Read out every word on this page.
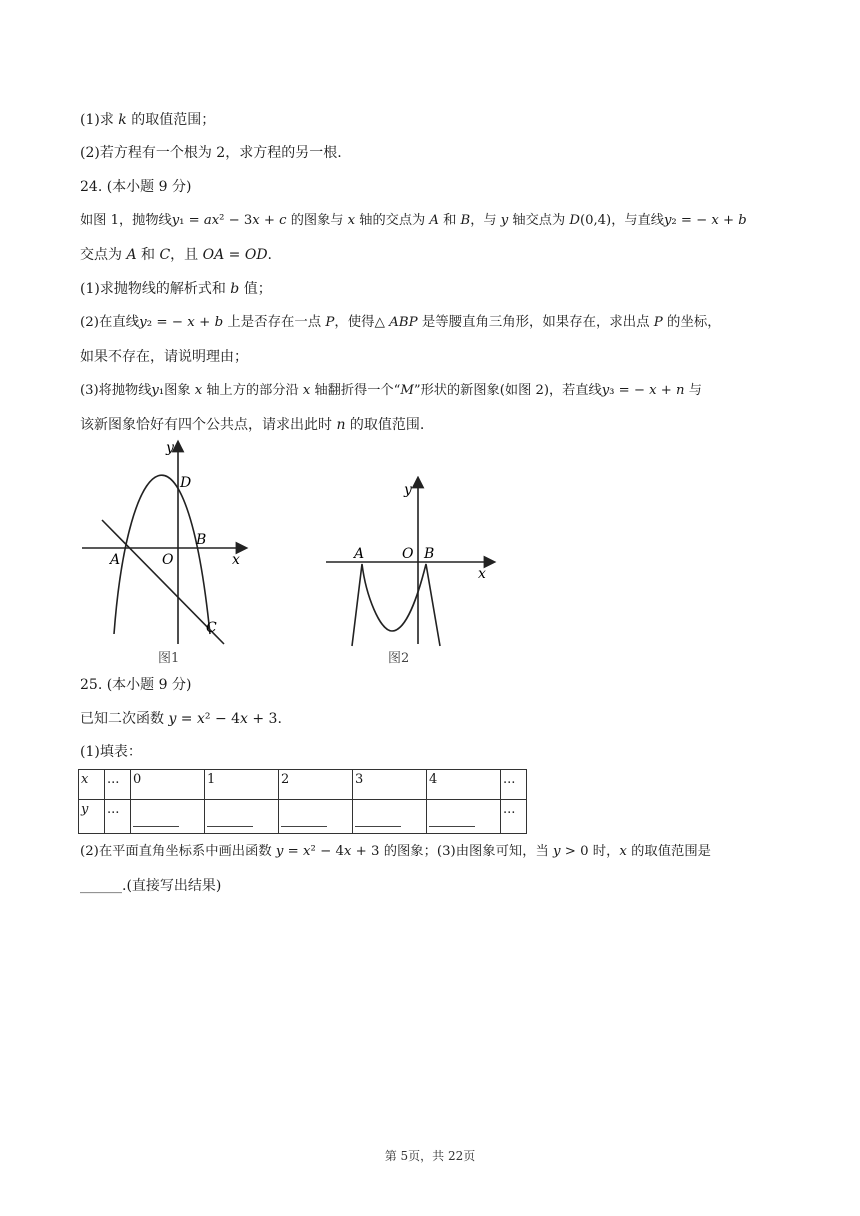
(1)求 𝑘 的取值范围；
(2)若方程有一个根为 2，求方程的另一根.
24. (本小题 9 分)
如图 1，抛物线𝑦₁ = 𝑎𝑥² − 3𝑥 + 𝑐 的图象与 𝑥 轴的交点为 𝐴 和 𝐵，与 𝑦 轴交点为 𝐷(0,4)，与直线𝑦₂ = − 𝑥 + 𝑏
交点为 𝐴 和 𝐶，且 𝑂𝐴 = 𝑂𝐷.
(1)求抛物线的解析式和 𝑏 值；
(2)在直线𝑦₂ = − 𝑥 + 𝑏 上是否存在一点 𝑃，使得△ 𝐴𝐵𝑃 是等腰直角三角形，如果存在，求出点 𝑃 的坐标，
如果不存在，请说明理由；
(3)将抛物线𝑦₁图象 𝑥 轴上方的部分沿 𝑥 轴翻折得一个“𝑀”形状的新图象(如图 2)，若直线𝑦₃ = − 𝑥 + 𝑛 与
该新图象恰好有四个公共点，请求出此时 𝑛 的取值范围.
y
x
D
A	O
B
C
图1
y
x
A	O B
图2
25. (本小题 9 分)
已知二次函数 𝑦 = 𝑥² − 4𝑥 + 3.
(1)填表：
𝑥	...	0	1	2	3	4	...
𝑦	...						...
(2)在平面直角坐标系中画出函数 𝑦 = 𝑥² − 4𝑥 + 3 的图象；(3)由图象可知，当 𝑦 > 0 时，𝑥 的取值范围是
______.(直接写出结果)
第 5页，共 22页
